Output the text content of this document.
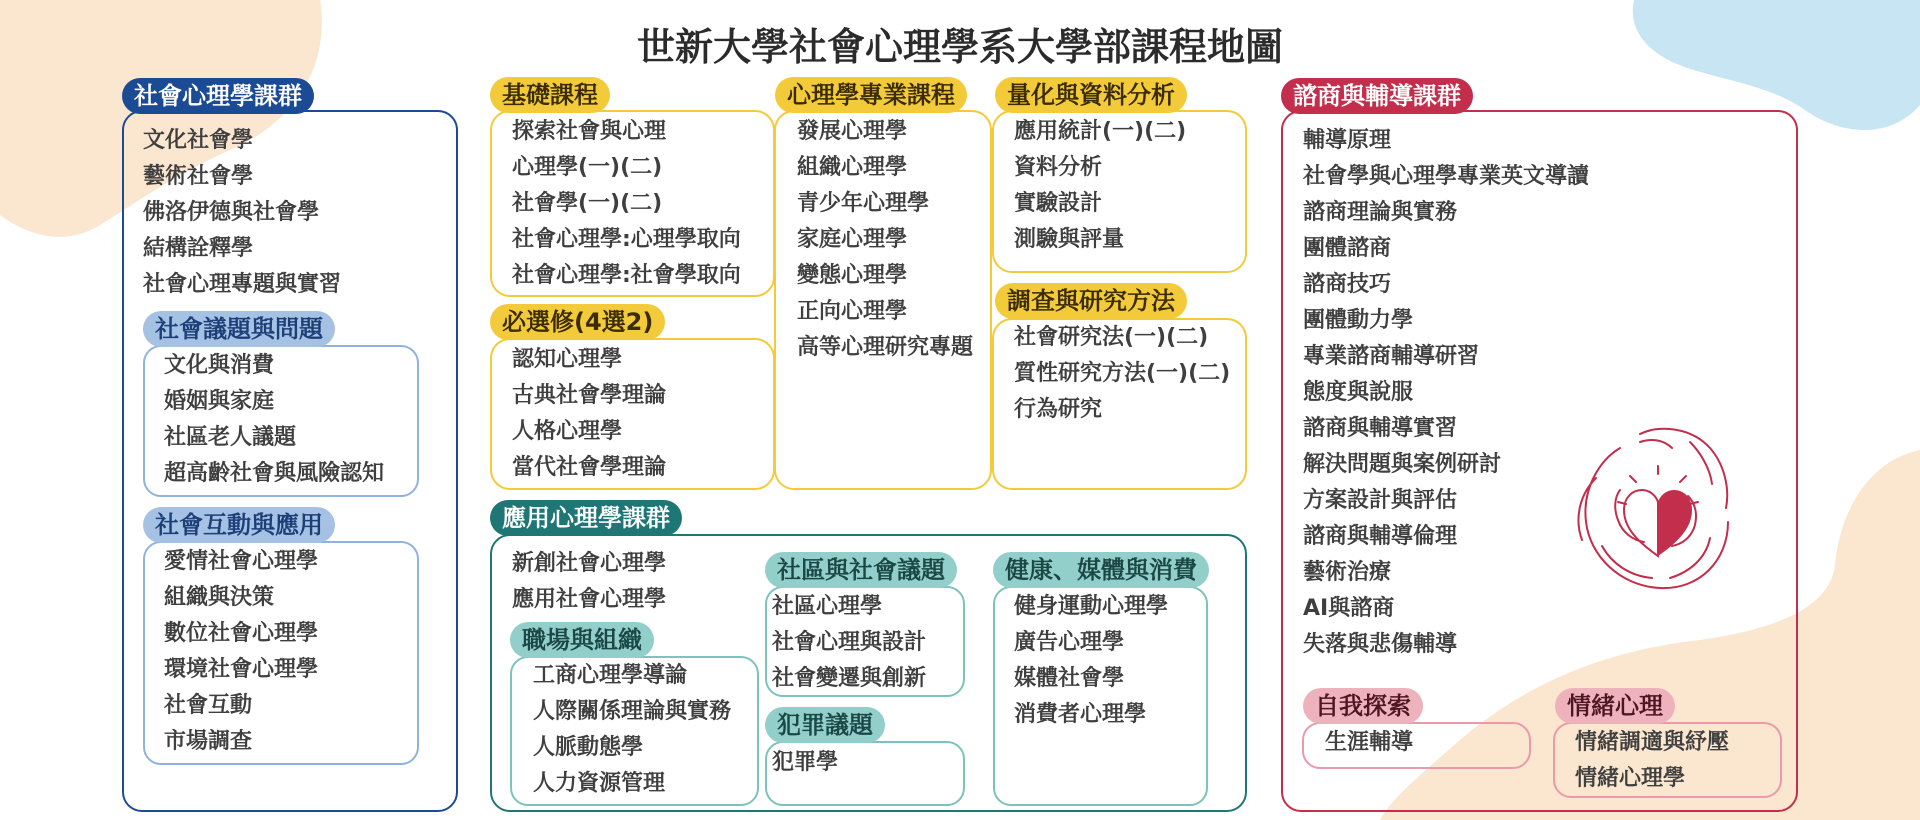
世新大學社會心理學系大學部課程地圖
社會心理學課群
文化社會學
藝術社會學
佛洛伊德與社會學
結構詮釋學
社會心理專題與實習
社會議題與問題
文化與消費
婚姻與家庭
社區老人議題
超高齡社會與風險認知
社會互動與應用
愛情社會心理學
組織與決策
數位社會心理學
環境社會心理學
社會互動
市場調查
基礎課程
探索社會與心理
心理學(一)(二)
社會學(一)(二)
社會心理學:心理學取向
社會心理學:社會學取向
必選修(4選2)
認知心理學
古典社會學理論
人格心理學
當代社會學理論
心理學專業課程
發展心理學
組織心理學
青少年心理學
家庭心理學
變態心理學
正向心理學
高等心理研究專題
量化與資料分析
應用統計(一)(二)
資料分析
實驗設計
測驗與評量
調查與研究方法
社會研究法(一)(二)
質性研究方法(一)(二)
行為研究
應用心理學課群
新創社會心理學
應用社會心理學
職場與組織
工商心理學導論
人際關係理論與實務
人脈動態學
人力資源管理
社區與社會議題
社區心理學
社會心理與設計
社會變遷與創新
犯罪議題
犯罪學
健康、媒體與消費
健身運動心理學
廣告心理學
媒體社會學
消費者心理學
諮商與輔導課群
輔導原理
社會學與心理學專業英文導讀
諮商理論與實務
團體諮商
諮商技巧
團體動力學
專業諮商輔導研習
態度與說服
諮商與輔導實習
解決問題與案例研討
方案設計與評估
諮商與輔導倫理
藝術治療
AI與諮商
失落與悲傷輔導
自我探索
生涯輔導
情緒心理
情緒調適與紓壓
情緒心理學
